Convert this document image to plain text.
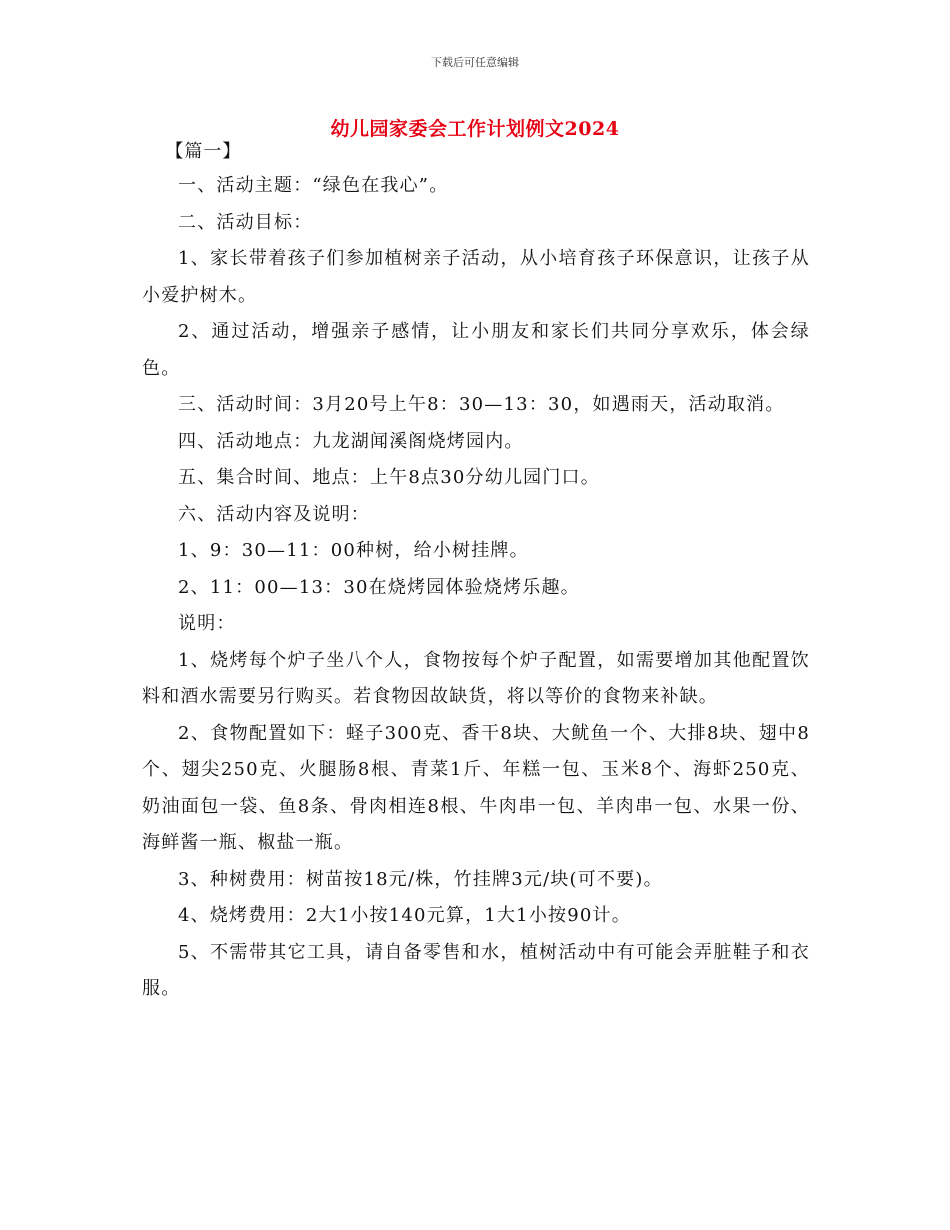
下载后可任意编辑
幼儿园家委会工作计划例文2024

【篇一】

一、活动主题：“绿色在我心”。

二、活动目标：

1、家长带着孩子们参加植树亲子活动，从小培育孩子环保意识，让孩子从小爱护树木。

2、通过活动，增强亲子感情，让小朋友和家长们共同分享欢乐，体会绿色。

三、活动时间：3月20号上午8：30—13：30，如遇雨天，活动取消。

四、活动地点：九龙湖闻溪阁烧烤园内。

五、集合时间、地点：上午8点30分幼儿园门口。

六、活动内容及说明：

1、9：30—11：00种树，给小树挂牌。

2、11：00—13：30在烧烤园体验烧烤乐趣。

说明：

1、烧烤每个炉子坐八个人，食物按每个炉子配置，如需要增加其他配置饮料和酒水需要另行购买。若食物因故缺货，将以等价的食物来补缺。

2、食物配置如下：蛏子300克、香干8块、大鱿鱼一个、大排8块、翅中8个、翅尖250克、火腿肠8根、青菜1斤、年糕一包、玉米8个、海虾250克、奶油面包一袋、鱼8条、骨肉相连8根、牛肉串一包、羊肉串一包、水果一份、海鲜酱一瓶、椒盐一瓶。

3、种树费用：树苗按18元/株，竹挂牌3元/块(可不要)。

4、烧烤费用：2大1小按140元算，1大1小按90计。

5、不需带其它工具，请自备零售和水，植树活动中有可能会弄脏鞋子和衣服。
